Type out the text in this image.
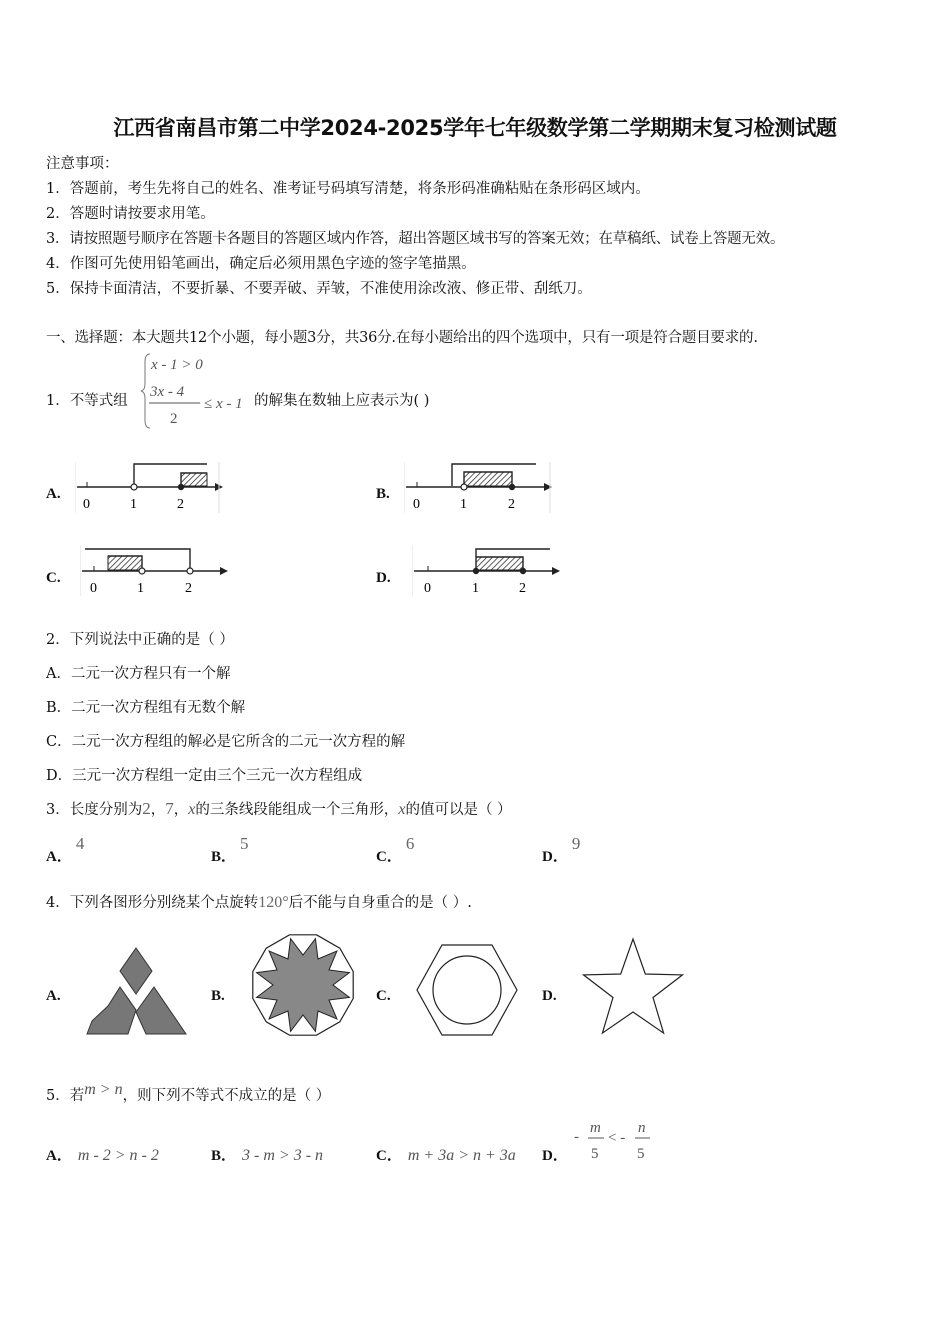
江西省南昌市第二中学2024-2025学年七年级数学第二学期期末复习检测试题
注意事项：
1．答题前，考生先将自己的姓名、准考证号码填写清楚，将条形码准确粘贴在条形码区域内。
2．答题时请按要求用笔。
3．请按照题号顺序在答题卡各题目的答题区域内作答，超出答题区域书写的答案无效；在草稿纸、试卷上答题无效。
4．作图可先使用铅笔画出，确定后必须用黑色字迹的签字笔描黑。
5．保持卡面清洁，不要折暴、不要弄破、弄皱，不准使用涂改液、修正带、刮纸刀。
一、选择题：本大题共12个小题，每小题3分，共36分.在每小题给出的四个选项中，只有一项是符合题目要求的.
1．不等式组
x - 1 > 0
3x - 4
2
≤ x - 1 的解集在数轴上应表示为( )
A.
0	1	2
B.
0	1	2
C.
0	1	2
D.
0	1	2
2．下列说法中正确的是（ ）
A．二元一次方程只有一个解
B．二元一次方程组有无数个解
C．二元一次方程组的解必是它所含的二元一次方程的解
D．三元一次方程组一定由三个三元一次方程组成
3．长度分别为2，7，x的三条线段能组成一个三角形，x的值可以是（ ）
A．4
B．5
C．6
D．9
4．下列各图形分别绕某个点旋转120°后不能与自身重合的是（ ）.
A.	B.	C.	D.
5．若m > n，则下列不等式不成立的是（ ）
A． m - 2 > n - 2	B． 3 - m > 3 - n	C． m + 3a > n + 3a D．
-
m
5
< -
n
5
